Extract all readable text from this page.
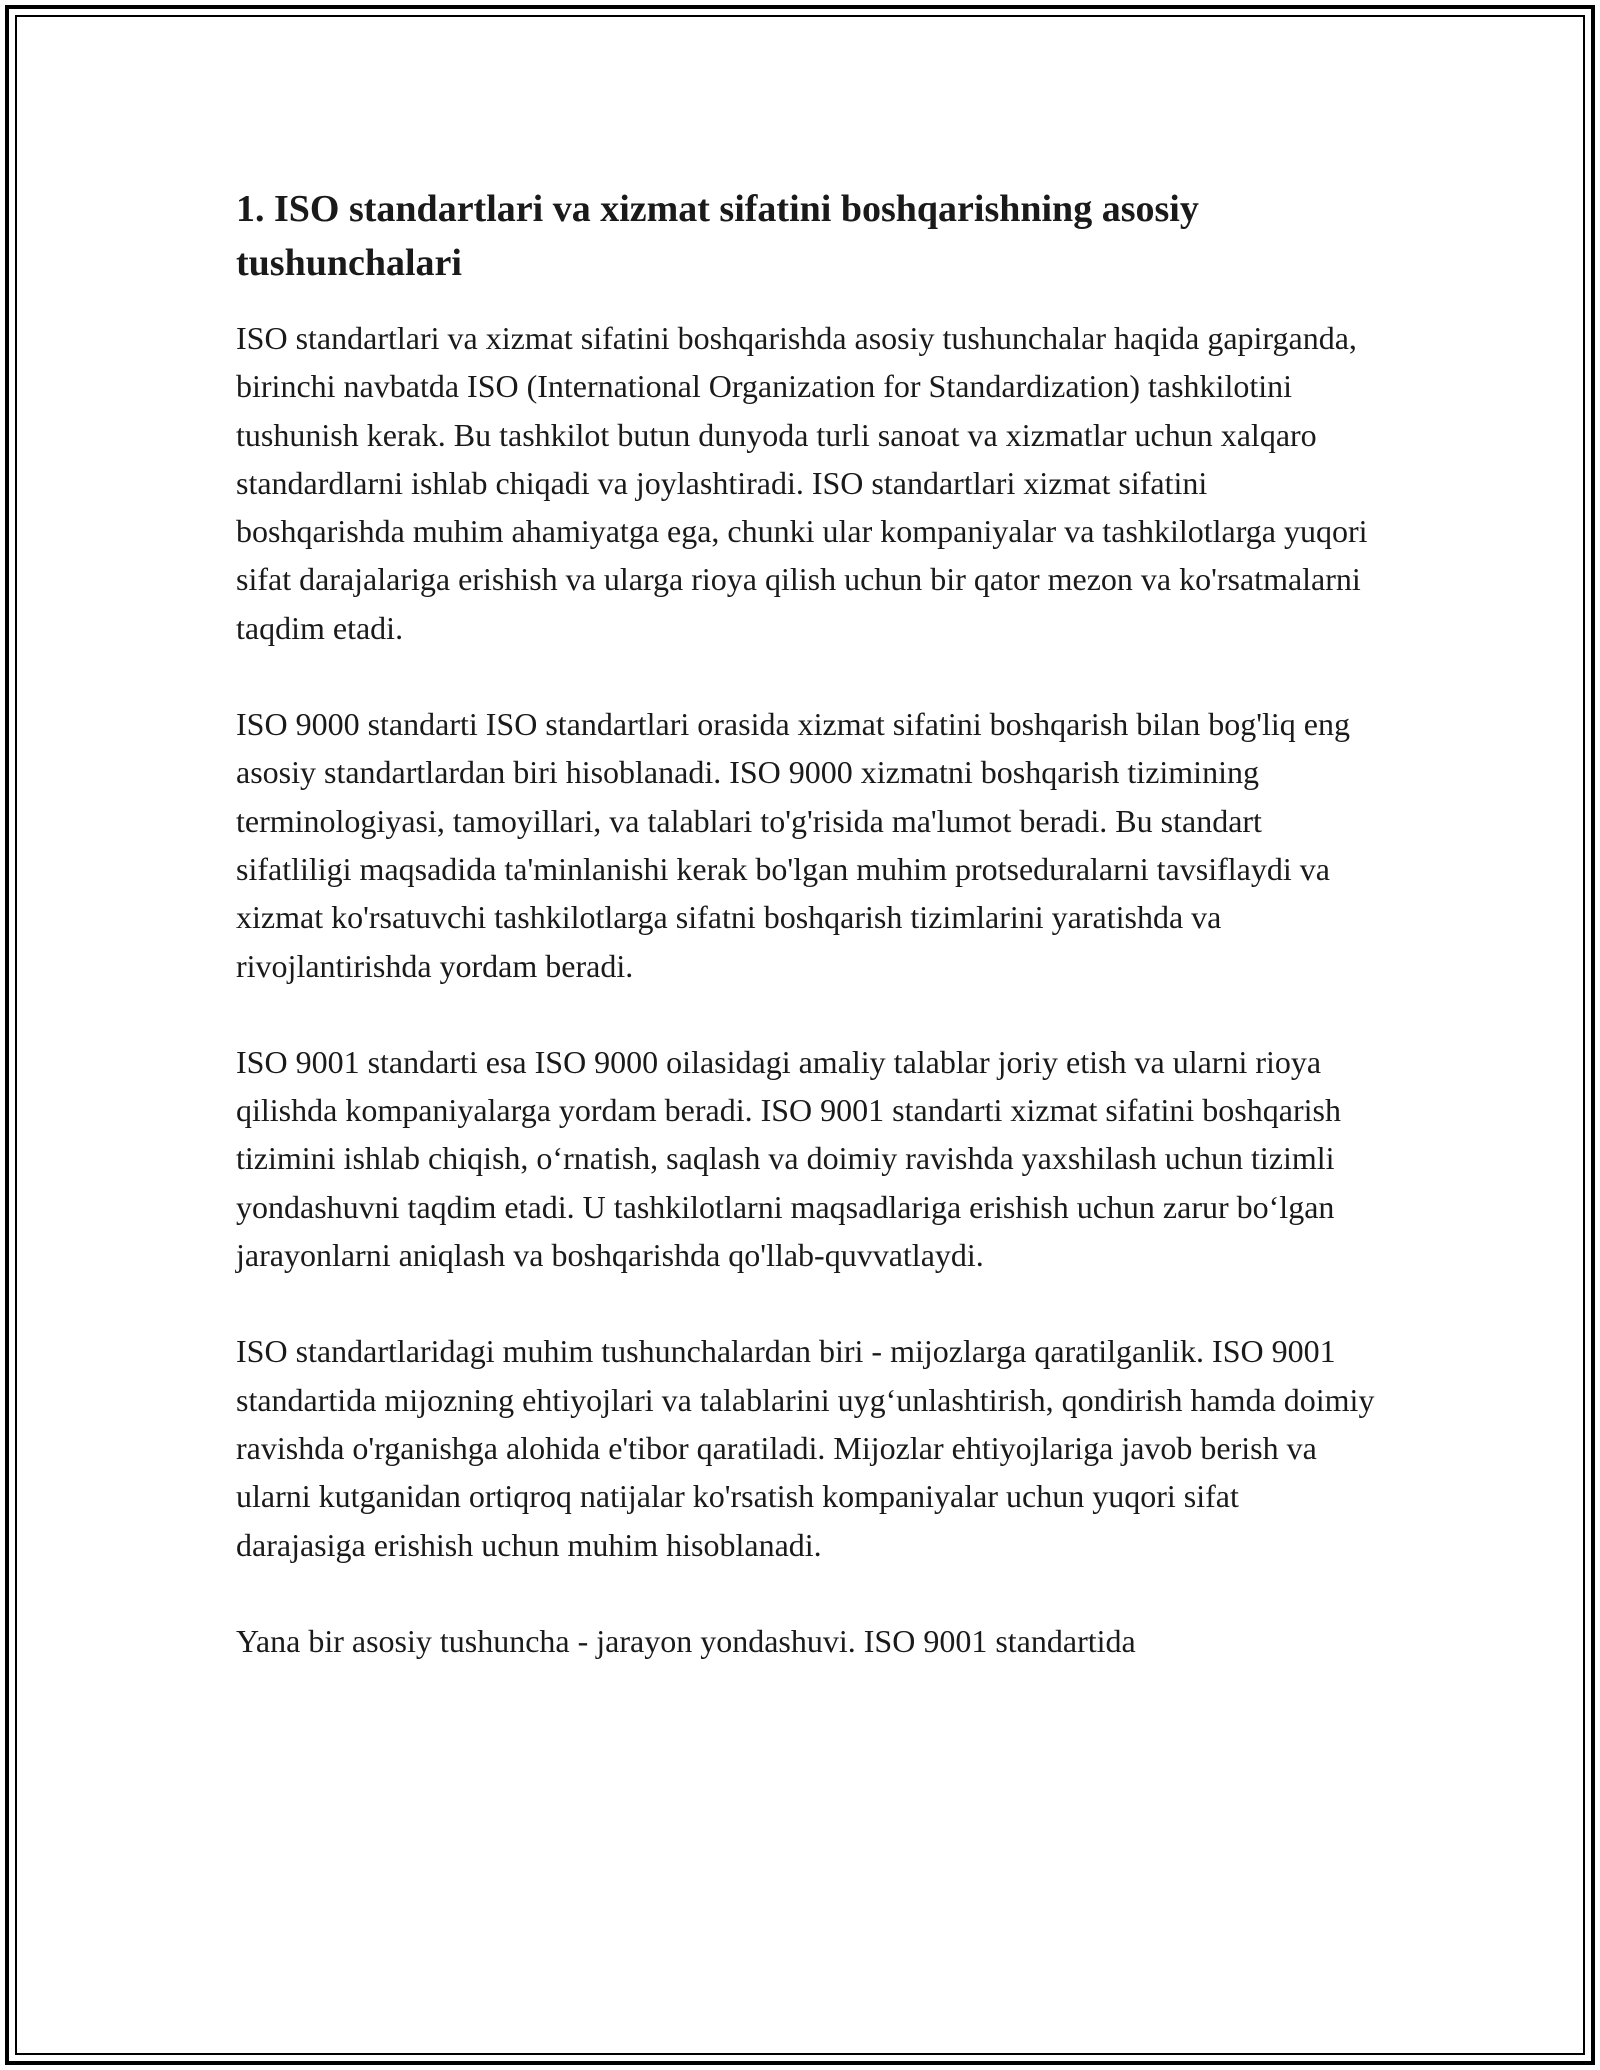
1. ISO standartlari va xizmat sifatini boshqarishning asosiy tushunchalari

ISO standartlari va xizmat sifatini boshqarishda asosiy tushunchalar haqida gapirganda, birinchi navbatda ISO (International Organization for Standardization) tashkilotini tushunish kerak. Bu tashkilot butun dunyoda turli sanoat va xizmatlar uchun xalqaro standardlarni ishlab chiqadi va joylashtiradi. ISO standartlari xizmat sifatini boshqarishda muhim ahamiyatga ega, chunki ular kompaniyalar va tashkilotlarga yuqori sifat darajalariga erishish va ularga rioya qilish uchun bir qator mezon va ko'rsatmalarni taqdim etadi.

ISO 9000 standarti ISO standartlari orasida xizmat sifatini boshqarish bilan bog'liq eng asosiy standartlardan biri hisoblanadi. ISO 9000 xizmatni boshqarish tizimining terminologiyasi, tamoyillari, va talablari to'g'risida ma'lumot beradi. Bu standart sifatliligi maqsadida ta'minlanishi kerak bo'lgan muhim protseduralarni tavsiflaydi va xizmat ko'rsatuvchi tashkilotlarga sifatni boshqarish tizimlarini yaratishda va rivojlantirishda yordam beradi.

ISO 9001 standarti esa ISO 9000 oilasidagi amaliy talablar joriy etish va ularni rioya qilishda kompaniyalarga yordam beradi. ISO 9001 standarti xizmat sifatini boshqarish tizimini ishlab chiqish, o‘rnatish, saqlash va doimiy ravishda yaxshilash uchun tizimli yondashuvni taqdim etadi. U tashkilotlarni maqsadlariga erishish uchun zarur bo‘lgan jarayonlarni aniqlash va boshqarishda qo'llab-quvvatlaydi.

ISO standartlaridagi muhim tushunchalardan biri - mijozlarga qaratilganlik. ISO 9001 standartida mijozning ehtiyojlari va talablarini uyg‘unlashtirish, qondirish hamda doimiy ravishda o'rganishga alohida e'tibor qaratiladi. Mijozlar ehtiyojlariga javob berish va ularni kutganidan ortiqroq natijalar ko'rsatish kompaniyalar uchun yuqori sifat darajasiga erishish uchun muhim hisoblanadi.

Yana bir asosiy tushuncha - jarayon yondashuvi. ISO 9001 standartida
